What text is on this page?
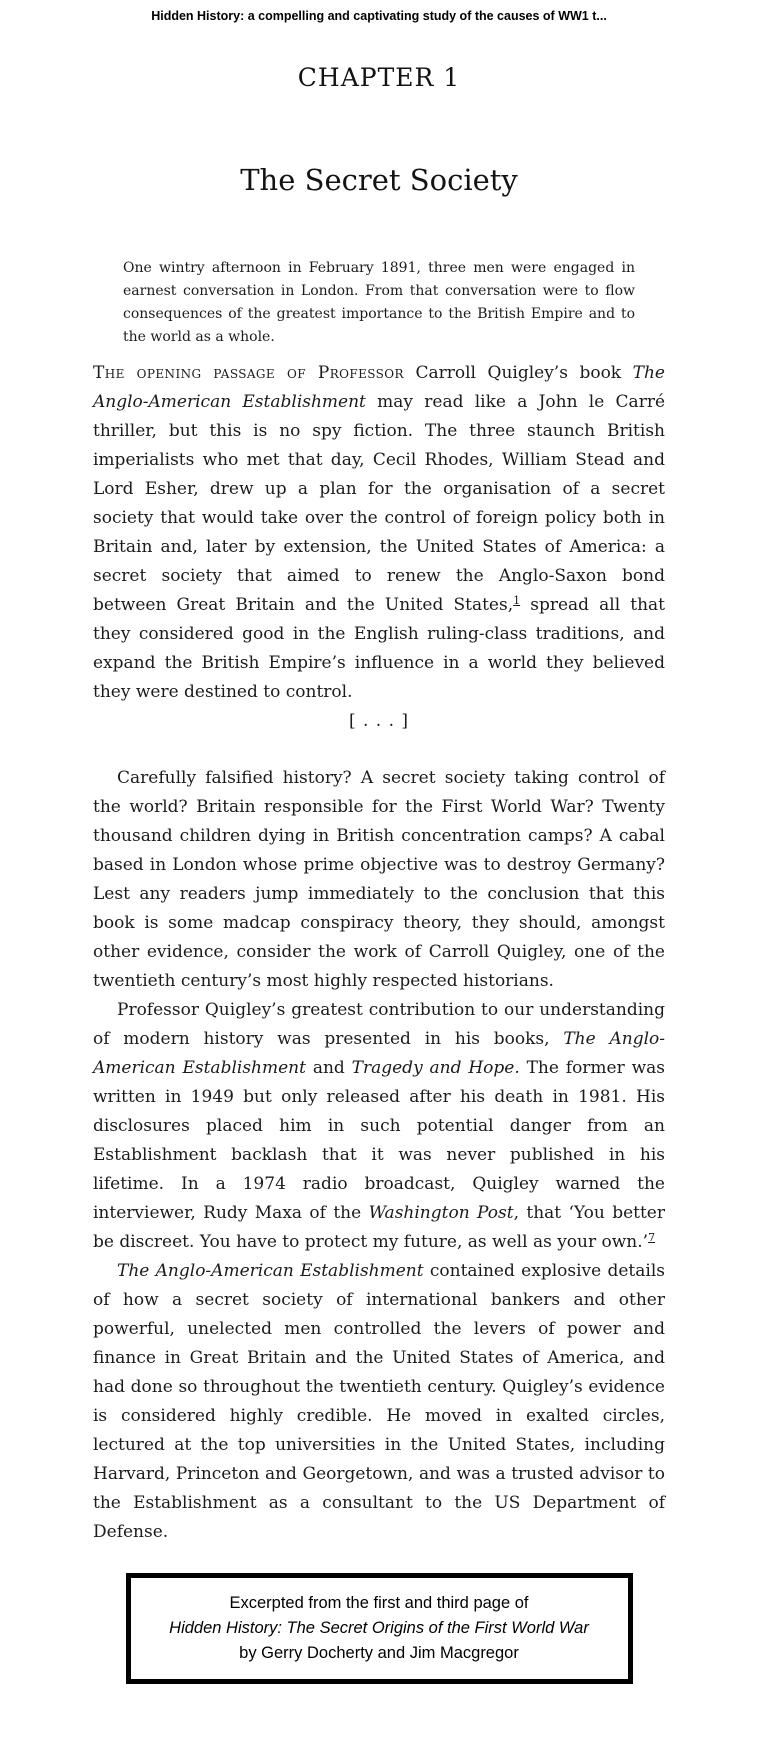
Hidden History: a compelling and captivating study of the causes of WW1 t...
CHAPTER 1
The Secret Society
One wintry afternoon in February 1891, three men were engaged in earnest conversation in London. From that conversation were to flow consequences of the greatest importance to the British Empire and to the world as a whole.

The opening passage of Professor Carroll Quigley’s book The Anglo-American Establishment may read like a John le Carré thriller, but this is no spy fiction. The three staunch British imperialists who met that day, Cecil Rhodes, William Stead and Lord Esher, drew up a plan for the organisation of a secret society that would take over the control of foreign policy both in Britain and, later by extension, the United States of America: a secret society that aimed to renew the Anglo-Saxon bond between Great Britain and the United States,$^1$ spread all that they considered good in the English ruling-class traditions, and expand the British Empire’s influence in a world they believed they were destined to control.

[ . . . ]

Carefully falsified history? A secret society taking control of the world? Britain responsible for the First World War? Twenty thousand children dying in British concentration camps? A cabal based in London whose prime objective was to destroy Germany? Lest any readers jump immediately to the conclusion that this book is some madcap conspiracy theory, they should, amongst other evidence, consider the work of Carroll Quigley, one of the twentieth century’s most highly respected historians.

Professor Quigley’s greatest contribution to our understanding of modern history was presented in his books, The Anglo-American Establishment and Tragedy and Hope. The former was written in 1949 but only released after his death in 1981. His disclosures placed him in such potential danger from an Establishment backlash that it was never published in his lifetime. In a 1974 radio broadcast, Quigley warned the interviewer, Rudy Maxa of the Washington Post, that ‘You better be discreet. You have to protect my future, as well as your own.’$^7$

The Anglo-American Establishment contained explosive details of how a secret society of international bankers and other powerful, unelected men controlled the levers of power and finance in Great Britain and the United States of America, and had done so throughout the twentieth century. Quigley’s evidence is considered highly credible. He moved in exalted circles, lectured at the top universities in the United States, including Harvard, Princeton and Georgetown, and was a trusted advisor to the Establishment as a consultant to the US Department of Defense.

Excerpted from the first and third page of
Hidden History: The Secret Origins of the First World War
by Gerry Docherty and Jim Macgregor
